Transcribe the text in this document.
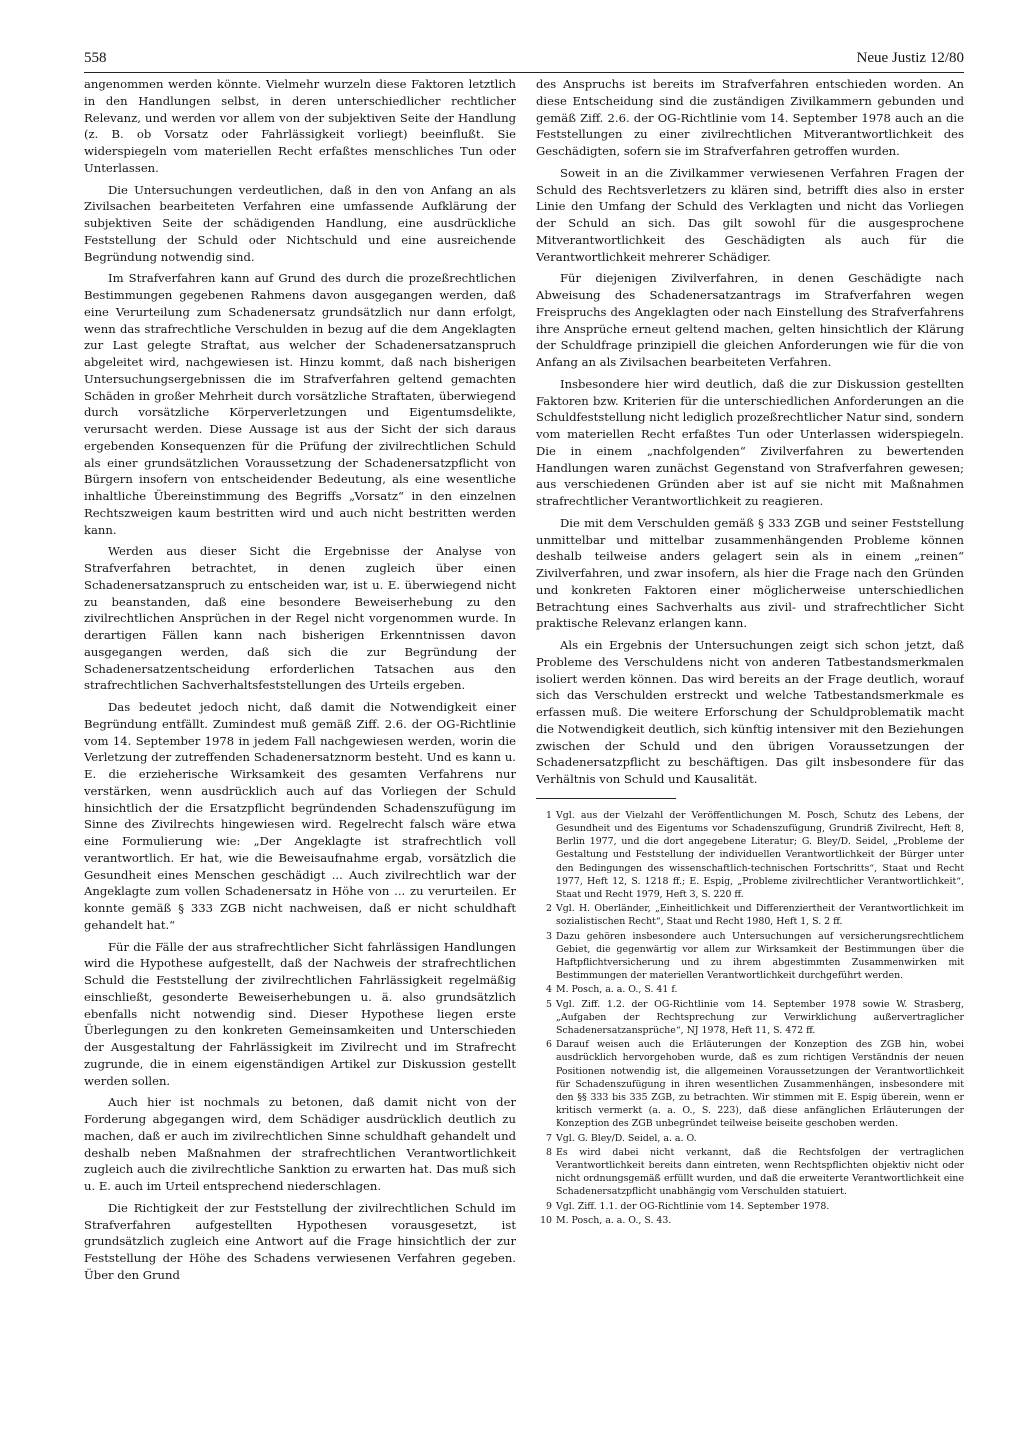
558	Neue Justiz 12/80

angenommen werden könnte. Vielmehr wurzeln diese Faktoren letztlich in den Handlungen selbst, in deren unterschiedlicher rechtlicher Relevanz, und werden vor allem von der subjektiven Seite der Handlung (z. B. ob Vorsatz oder Fahrlässigkeit vorliegt) beeinflußt. Sie widerspiegeln vom materiellen Recht erfaßtes menschliches Tun oder Unterlassen.

Die Untersuchungen verdeutlichen, daß in den von Anfang an als Zivilsachen bearbeiteten Verfahren eine umfassende Aufklärung der subjektiven Seite der schädigenden Handlung, eine ausdrückliche Feststellung der Schuld oder Nichtschuld und eine ausreichende Begründung notwendig sind.

Im Strafverfahren kann auf Grund des durch die prozeßrechtlichen Bestimmungen gegebenen Rahmens davon ausgegangen werden, daß eine Verurteilung zum Schadenersatz grundsätzlich nur dann erfolgt, wenn das strafrechtliche Verschulden in bezug auf die dem Angeklagten zur Last gelegte Straftat, aus welcher der Schadenersatzanspruch abgeleitet wird, nachgewiesen ist. Hinzu kommt, daß nach bisherigen Untersuchungsergebnissen die im Strafverfahren geltend gemachten Schäden in großer Mehrheit durch vorsätzliche Straftaten, überwiegend durch vorsätzliche Körperverletzungen und Eigentumsdelikte, verursacht werden. Diese Aussage ist aus der Sicht der sich daraus ergebenden Konsequenzen für die Prüfung der zivilrechtlichen Schuld als einer grundsätzlichen Voraussetzung der Schadenersatzpflicht von Bürgern insofern von entscheidender Bedeutung, als eine wesentliche inhaltliche Übereinstimmung des Begriffs „Vorsatz“ in den einzelnen Rechtszweigen kaum bestritten wird und auch nicht bestritten werden kann.

Werden aus dieser Sicht die Ergebnisse der Analyse von Strafverfahren betrachtet, in denen zugleich über einen Schadenersatzanspruch zu entscheiden war, ist u. E. überwiegend nicht zu beanstanden, daß eine besondere Beweiserhebung zu den zivilrechtlichen Ansprüchen in der Regel nicht vorgenommen wurde. In derartigen Fällen kann nach bisherigen Erkenntnissen davon ausgegangen werden, daß sich die zur Begründung der Schadenersatzentscheidung erforderlichen Tatsachen aus den strafrechtlichen Sachverhaltsfeststellungen des Urteils ergeben.

Das bedeutet jedoch nicht, daß damit die Notwendigkeit einer Begründung entfällt. Zumindest muß gemäß Ziff. 2.6. der OG-Richtlinie vom 14. September 1978 in jedem Fall nachgewiesen werden, worin die Verletzung der zutreffenden Schadenersatznorm besteht. Und es kann u. E. die erzieherische Wirksamkeit des gesamten Verfahrens nur verstärken, wenn ausdrücklich auch auf das Vorliegen der Schuld hinsichtlich der die Ersatzpflicht begründenden Schadenszufügung im Sinne des Zivilrechts hingewiesen wird. Regelrecht falsch wäre etwa eine Formulierung wie: „Der Angeklagte ist strafrechtlich voll verantwortlich. Er hat, wie die Beweisaufnahme ergab, vorsätzlich die Gesundheit eines Menschen geschädigt ... Auch zivilrechtlich war der Angeklagte zum vollen Schadenersatz in Höhe von ... zu verurteilen. Er konnte gemäß § 333 ZGB nicht nachweisen, daß er nicht schuldhaft gehandelt hat.“

Für die Fälle der aus strafrechtlicher Sicht fahrlässigen Handlungen wird die Hypothese aufgestellt, daß der Nachweis der strafrechtlichen Schuld die Feststellung der zivilrechtlichen Fahrlässigkeit regelmäßig einschließt, gesonderte Beweiserhebungen u. ä. also grundsätzlich ebenfalls nicht notwendig sind. Dieser Hypothese liegen erste Überlegungen zu den konkreten Gemeinsamkeiten und Unterschieden der Ausgestaltung der Fahrlässigkeit im Zivilrecht und im Strafrecht zugrunde, die in einem eigenständigen Artikel zur Diskussion gestellt werden sollen.

Auch hier ist nochmals zu betonen, daß damit nicht von der Forderung abgegangen wird, dem Schädiger ausdrücklich deutlich zu machen, daß er auch im zivilrechtlichen Sinne schuldhaft gehandelt und deshalb neben Maßnahmen der strafrechtlichen Verantwortlichkeit zugleich auch die zivilrechtliche Sanktion zu erwarten hat. Das muß sich u. E. auch im Urteil entsprechend niederschlagen.

Die Richtigkeit der zur Feststellung der zivilrechtlichen Schuld im Strafverfahren aufgestellten Hypothesen vorausgesetzt, ist grundsätzlich zugleich eine Antwort auf die Frage hinsichtlich der zur Feststellung der Höhe des Schadens verwiesenen Verfahren gegeben. Über den Grund

des Anspruchs ist bereits im Strafverfahren entschieden worden. An diese Entscheidung sind die zuständigen Zivilkammern gebunden und gemäß Ziff. 2.6. der OG-Richtlinie vom 14. September 1978 auch an die Feststellungen zu einer zivilrechtlichen Mitverantwortlichkeit des Geschädigten, sofern sie im Strafverfahren getroffen wurden.

Soweit in an die Zivilkammer verwiesenen Verfahren Fragen der Schuld des Rechtsverletzers zu klären sind, betrifft dies also in erster Linie den Umfang der Schuld des Verklagten und nicht das Vorliegen der Schuld an sich. Das gilt sowohl für die ausgesprochene Mitverantwortlichkeit des Geschädigten als auch für die Verantwortlichkeit mehrerer Schädiger.

Für diejenigen Zivilverfahren, in denen Geschädigte nach Abweisung des Schadenersatzantrags im Strafverfahren wegen Freispruchs des Angeklagten oder nach Einstellung des Strafverfahrens ihre Ansprüche erneut geltend machen, gelten hinsichtlich der Klärung der Schuldfrage prinzipiell die gleichen Anforderungen wie für die von Anfang an als Zivilsachen bearbeiteten Verfahren.

Insbesondere hier wird deutlich, daß die zur Diskussion gestellten Faktoren bzw. Kriterien für die unterschiedlichen Anforderungen an die Schuldfeststellung nicht lediglich prozeßrechtlicher Natur sind, sondern vom materiellen Recht erfaßtes Tun oder Unterlassen widerspiegeln. Die in einem „nachfolgenden“ Zivilverfahren zu bewertenden Handlungen waren zunächst Gegenstand von Strafverfahren gewesen; aus verschiedenen Gründen aber ist auf sie nicht mit Maßnahmen strafrechtlicher Verantwortlichkeit zu reagieren.

Die mit dem Verschulden gemäß § 333 ZGB und seiner Feststellung unmittelbar und mittelbar zusammenhängenden Probleme können deshalb teilweise anders gelagert sein als in einem „reinen“ Zivilverfahren, und zwar insofern, als hier die Frage nach den Gründen und konkreten Faktoren einer möglicherweise unterschiedlichen Betrachtung eines Sachverhalts aus zivil- und strafrechtlicher Sicht praktische Relevanz erlangen kann.

Als ein Ergebnis der Untersuchungen zeigt sich schon jetzt, daß Probleme des Verschuldens nicht von anderen Tatbestandsmerkmalen isoliert werden können. Das wird bereits an der Frage deutlich, worauf sich das Verschulden erstreckt und welche Tatbestandsmerkmale es erfassen muß. Die weitere Erforschung der Schuldproblematik macht die Notwendigkeit deutlich, sich künftig intensiver mit den Beziehungen zwischen der Schuld und den übrigen Voraussetzungen der Schadenersatzpflicht zu beschäftigen. Das gilt insbesondere für das Verhältnis von Schuld und Kausalität.

1 Vgl. aus der Vielzahl der Veröffentlichungen M. Posch, Schutz des Lebens, der Gesundheit und des Eigentums vor Schadenszufügung, Grundriß Zivilrecht, Heft 8, Berlin 1977, und die dort angegebene Literatur; G. Bley/D. Seidel, „Probleme der Gestaltung und Feststellung der individuellen Verantwortlichkeit der Bürger unter den Bedingungen des wissenschaftlich-technischen Fortschritts“, Staat und Recht 1977, Heft 12, S. 1218 ff.; E. Espig, „Probleme zivilrechtlicher Verantwortlichkeit“, Staat und Recht 1979, Heft 3, S. 220 ff.
2 Vgl. H. Oberländer, „Einheitlichkeit und Differenziertheit der Verantwortlichkeit im sozialistischen Recht“, Staat und Recht 1980, Heft 1, S. 2 ff.
3 Dazu gehören insbesondere auch Untersuchungen auf versicherungsrechtlichem Gebiet, die gegenwärtig vor allem zur Wirksamkeit der Bestimmungen über die Haftpflichtversicherung und zu ihrem abgestimmten Zusammenwirken mit Bestimmungen der materiellen Verantwortlichkeit durchgeführt werden.
4 M. Posch, a. a. O., S. 41 f.
5 Vgl. Ziff. 1.2. der OG-Richtlinie vom 14. September 1978 sowie W. Strasberg, „Aufgaben der Rechtsprechung zur Verwirklichung außervertraglicher Schadenersatzansprüche“, NJ 1978, Heft 11, S. 472 ff.
6 Darauf weisen auch die Erläuterungen der Konzeption des ZGB hin, wobei ausdrücklich hervorgehoben wurde, daß es zum richtigen Verständnis der neuen Positionen notwendig ist, die allgemeinen Voraussetzungen der Verantwortlichkeit für Schadenszufügung in ihren wesentlichen Zusammenhängen, insbesondere mit den §§ 333 bis 335 ZGB, zu betrachten. Wir stimmen mit E. Espig überein, wenn er kritisch vermerkt (a. a. O., S. 223), daß diese anfänglichen Erläuterungen der Konzeption des ZGB unbegründet teilweise beiseite geschoben werden.
7 Vgl. G. Bley/D. Seidel, a. a. O.
8 Es wird dabei nicht verkannt, daß die Rechtsfolgen der vertraglichen Verantwortlichkeit bereits dann eintreten, wenn Rechtspflichten objektiv nicht oder nicht ordnungsgemäß erfüllt wurden, und daß die erweiterte Verantwortlichkeit eine Schadenersatzpflicht unabhängig vom Verschulden statuiert.
9 Vgl. Ziff. 1.1. der OG-Richtlinie vom 14. September 1978.
10 M. Posch, a. a. O., S. 43.
